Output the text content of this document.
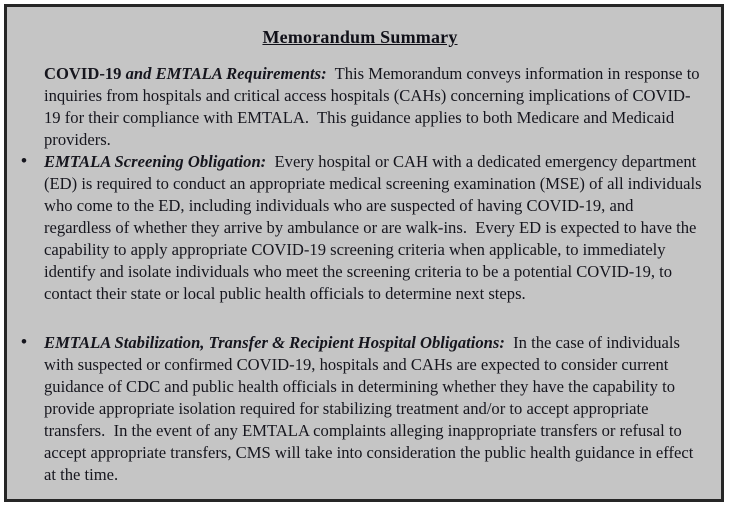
Memorandum Summary
COVID-19 and EMTALA Requirements:  This Memorandum conveys information in response to inquiries from hospitals and critical access hospitals (CAHs) concerning implications of COVID-19 for their compliance with EMTALA.  This guidance applies to both Medicare and Medicaid providers.
• EMTALA Screening Obligation:  Every hospital or CAH with a dedicated emergency department (ED) is required to conduct an appropriate medical screening examination (MSE) of all individuals who come to the ED, including individuals who are suspected of having COVID-19, and regardless of whether they arrive by ambulance or are walk-ins.  Every ED is expected to have the capability to apply appropriate COVID-19 screening criteria when applicable, to immediately identify and isolate individuals who meet the screening criteria to be a potential COVID-19, to contact their state or local public health officials to determine next steps.
• EMTALA Stabilization, Transfer & Recipient Hospital Obligations:  In the case of individuals with suspected or confirmed COVID-19, hospitals and CAHs are expected to consider current guidance of CDC and public health officials in determining whether they have the capability to provide appropriate isolation required for stabilizing treatment and/or to accept appropriate transfers.  In the event of any EMTALA complaints alleging inappropriate transfers or refusal to accept appropriate transfers, CMS will take into consideration the public health guidance in effect at the time.
